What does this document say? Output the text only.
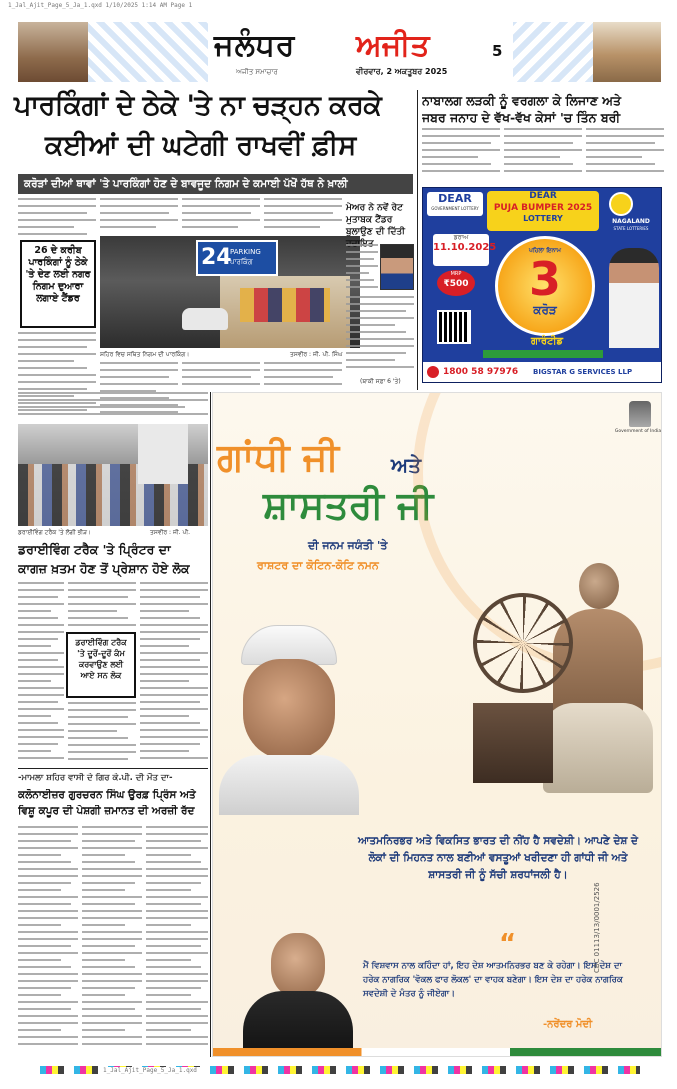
1_Jal_Ajit_Page_5_Ja_1.qxd 1/10/2025 1:14 AM Page 1
ਜਲੰਧਰ ਅਜੀਤ
ਅਜੀਤ ਸਮਾਚਾਰ	ਵੀਰਵਾਰ, 2 ਅਕਤੂਬਰ 2025
5
ਪਾਰਕਿੰਗਾਂ ਦੇ ਠੇਕੇ 'ਤੇ ਨਾ ਚੜ੍ਹਨ ਕਰਕੇ
ਕਈਆਂ ਦੀ ਘਟੇਗੀ ਰਾਖਵੀਂ ਫ਼ੀਸ
ਕਰੋੜਾਂ ਦੀਆਂ ਥਾਵਾਂ 'ਤੇ ਪਾਰਕਿੰਗਾਂ ਹੋਣ ਦੇ ਬਾਵਜੂਦ ਨਿਗਮ ਦੇ ਕਮਾਈ ਪੱਖੋਂ ਹੱਥ ਨੇ ਖ਼ਾਲੀ
26 ਦੇ ਕਰੀਬ ਪਾਰਕਿੰਗਾਂ ਨੂੰ ਠੇਕੇ 'ਤੇ ਦੇਣ ਲਈ ਨਗਰ ਨਿਗਮ ਦੁਆਰਾ ਲਗਾਏ ਟੈਂਡਰ
24
PARKING ਪਾਰਕਿੰਗ
ਸ਼ਹਿਰ ਵਿਚ ਸਥਿਤ ਨਿਗਮ ਦੀ ਪਾਰਕਿੰਗ।	ਤਸਵੀਰ : ਜੀ. ਪੀ. ਸਿੰਘ
ਮੇਅਰ ਨੇ ਨਵੇਂ ਰੇਟ ਮੁਤਾਬਕ ਟੈਂਡਰ ਬੁਲਾਉਣ ਦੀ ਦਿੱਤੀ
(ਬਾਕੀ ਸਫ਼ਾ 6 'ਤੇ)
ਨਾਬਾਲਗ ਲੜਕੀ ਨੂੰ ਵਰਗਲਾ ਕੇ ਲਿਜਾਣ ਅਤੇ
ਜਬਰ ਜਨਾਹ ਦੇ ਵੱਖ-ਵੱਖ ਕੇਸਾਂ 'ਚ ਤਿੰਨ ਬਰੀ
DEAR
GOVERNMENT LOTTERY
DEAR
PUJA BUMPER 2025
LOTTERY	NAGALAND
STATE LOTTERIES
ਡਰਾਅ
11.10.2025
MRP
₹500
ਪਹਿਲਾ ਇਨਾਮ
3
ਕਰੋੜ
ਗਾਰੰਟੀਡ
1800 58 97976 BIGSTAR G SERVICES LLP
ਡਰਾਈਵਿੰਗ ਟਰੈਕ 'ਤੇ ਲੱਗੀ ਭੀੜ।	ਤਸਵੀਰ : ਜੀ. ਪੀ.
ਡਰਾਈਵਿੰਗ ਟਰੈਕ 'ਤੇ ਪ੍ਰਿੰਟਰ ਦਾ
ਕਾਗਜ਼ ਖ਼ਤਮ ਹੋਣ ਤੋਂ ਪ੍ਰੇਸ਼ਾਨ ਹੋਏ ਲੋਕ
ਡਰਾਈਵਿੰਗ ਟਰੈਕ 'ਤੇ ਦੂਰੋਂ-ਦੂਰੋਂ ਕੰਮ ਕਰਵਾਉਣ ਲਈ ਆਏ ਸਨ ਲੋਕ
-ਮਾਮਲਾ ਸ਼ਹਿਰ ਵਾਸੀ ਦੇ ਗਿਰ ਕੇ.ਪੀ. ਦੀ ਮੌਤ ਦਾ-
ਕਲੋਨਾਈਜ਼ਰ ਗੁਰਚਰਨ ਸਿੰਘ ਉਰਫ਼ ਪ੍ਰਿੰਸ ਅਤੇ
ਵਿਸ਼ੂ ਕਪੂਰ ਦੀ ਪੇਸ਼ਗੀ ਜ਼ਮਾਨਤ ਦੀ ਅਰਜ਼ੀ ਰੱਦ
Government of India
ਗਾਂਧੀ ਜੀ	ਅਤੇ
ਸ਼ਾਸਤਰੀ ਜੀ
ਦੀ ਜਨਮ ਜਯੰਤੀ 'ਤੇ
ਰਾਸ਼ਟਰ ਦਾ ਕੋਟਿਨ-ਕੋਟਿ ਨਮਨ
ਆਤਮਨਿਰਭਰ ਅਤੇ ਵਿਕਸਿਤ ਭਾਰਤ ਦੀ ਨੀਂਹ ਹੈ ਸਵਦੇਸ਼ੀ। ਆਪਣੇ ਦੇਸ਼ ਦੇ ਲੋਕਾਂ ਦੀ ਮਿਹਨਤ ਨਾਲ ਬਣੀਆਂ ਵਸਤੂਆਂ ਖਰੀਦਣਾ ਹੀ ਗਾਂਧੀ ਜੀ ਅਤੇ ਸ਼ਾਸਤਰੀ ਜੀ ਨੂੰ ਸੱਚੀ ਸ਼ਰਧਾਂਜਲੀ ਹੈ।
“
ਮੈਂ ਵਿਸ਼ਵਾਸ ਨਾਲ ਕਹਿੰਦਾ ਹਾਂ, ਇਹ ਦੇਸ਼ ਆਤਮਨਿਰਭਰ ਬਣ ਕੇ ਰਹੇਗਾ। ਇਸ ਦੇਸ਼ ਦਾ ਹਰੇਕ ਨਾਗਰਿਕ 'ਵੋਕਲ ਫਾਰ ਲੋਕਲ' ਦਾ ਵਾਹਕ ਬਣੇਗਾ। ਇਸ ਦੇਸ਼ ਦਾ ਹਰੇਕ ਨਾਗਰਿਕ ਸਵਦੇਸ਼ੀ ਦੇ ਮੰਤਰ ਨੂੰ ਜੀਏਗਾ।
-ਨਰੇਂਦਰ ਮੋਦੀ
CBC 01113/13/0001/2526
1_Jal_Ajit_Page_5_Ja_1.qxd
